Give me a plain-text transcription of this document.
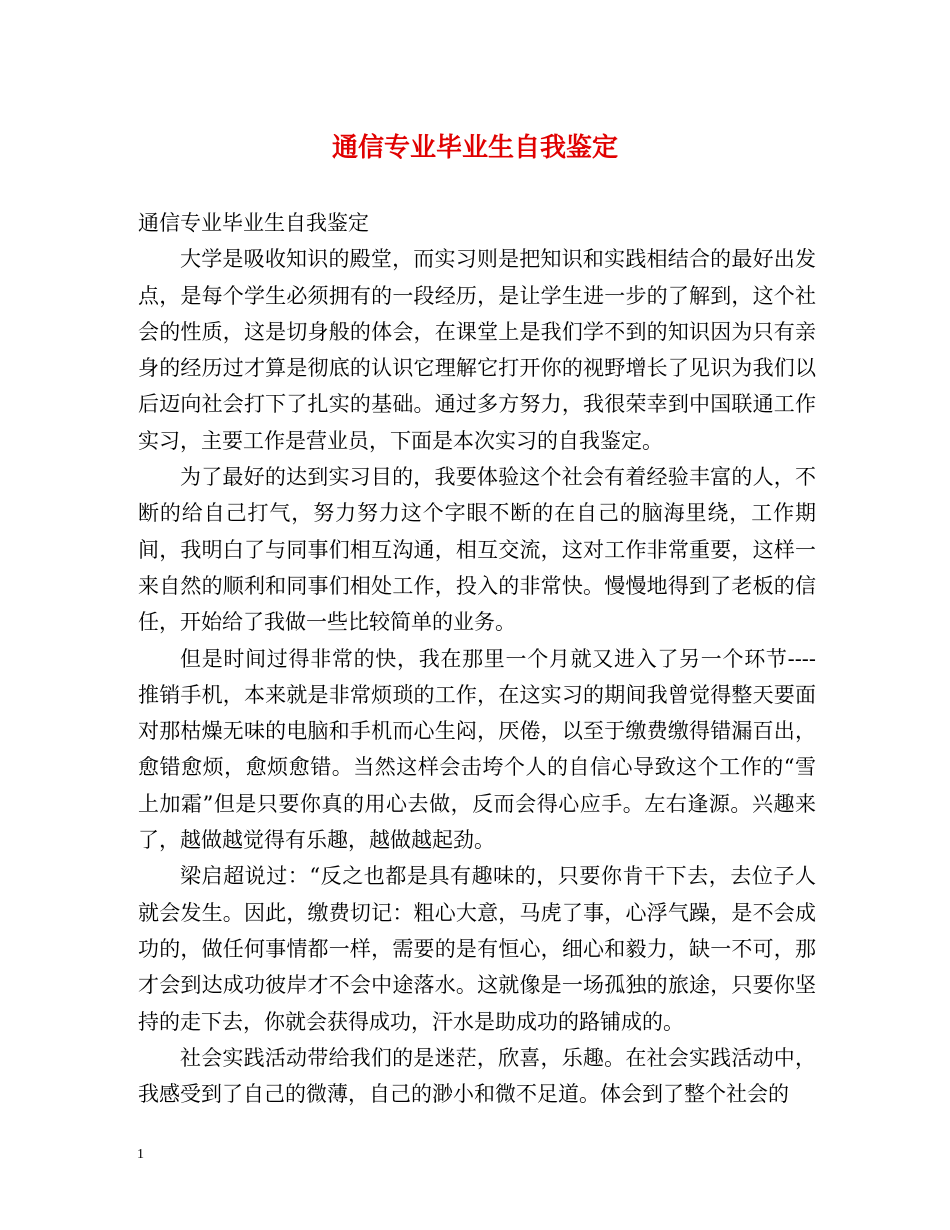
通信专业毕业生自我鉴定

通信专业毕业生自我鉴定

大学是吸收知识的殿堂，而实习则是把知识和实践相结合的最好出发点，是每个学生必须拥有的一段经历，是让学生进一步的了解到，这个社会的性质，这是切身般的体会，在课堂上是我们学不到的知识因为只有亲身的经历过才算是彻底的认识它理解它打开你的视野增长了见识为我们以后迈向社会打下了扎实的基础。通过多方努力，我很荣幸到中国联通工作实习，主要工作是营业员，下面是本次实习的自我鉴定。

为了最好的达到实习目的，我要体验这个社会有着经验丰富的人，不断的给自己打气，努力努力这个字眼不断的在自己的脑海里绕，工作期间，我明白了与同事们相互沟通，相互交流，这对工作非常重要，这样一来自然的顺利和同事们相处工作，投入的非常快。慢慢地得到了老板的信任，开始给了我做一些比较简单的业务。

但是时间过得非常的快，我在那里一个月就又进入了另一个环节----推销手机，本来就是非常烦琐的工作，在这实习的期间我曾觉得整天要面对那枯燥无味的电脑和手机而心生闷，厌倦，以至于缴费缴得错漏百出，愈错愈烦，愈烦愈错。当然这样会击垮个人的自信心导致这个工作的“雪上加霜”但是只要你真的用心去做，反而会得心应手。左右逢源。兴趣来了，越做越觉得有乐趣，越做越起劲。

梁启超说过：“反之也都是具有趣味的，只要你肯干下去，去位子人就会发生。因此，缴费切记：粗心大意，马虎了事，心浮气躁，是不会成功的，做任何事情都一样，需要的是有恒心，细心和毅力，缺一不可，那才会到达成功彼岸才不会中途落水。这就像是一场孤独的旅途，只要你坚持的走下去，你就会获得成功，汗水是助成功的路铺成的。

社会实践活动带给我们的是迷茫，欣喜，乐趣。在社会实践活动中，我感受到了自己的微薄，自己的渺小和微不足道。体会到了整个社会的

1
